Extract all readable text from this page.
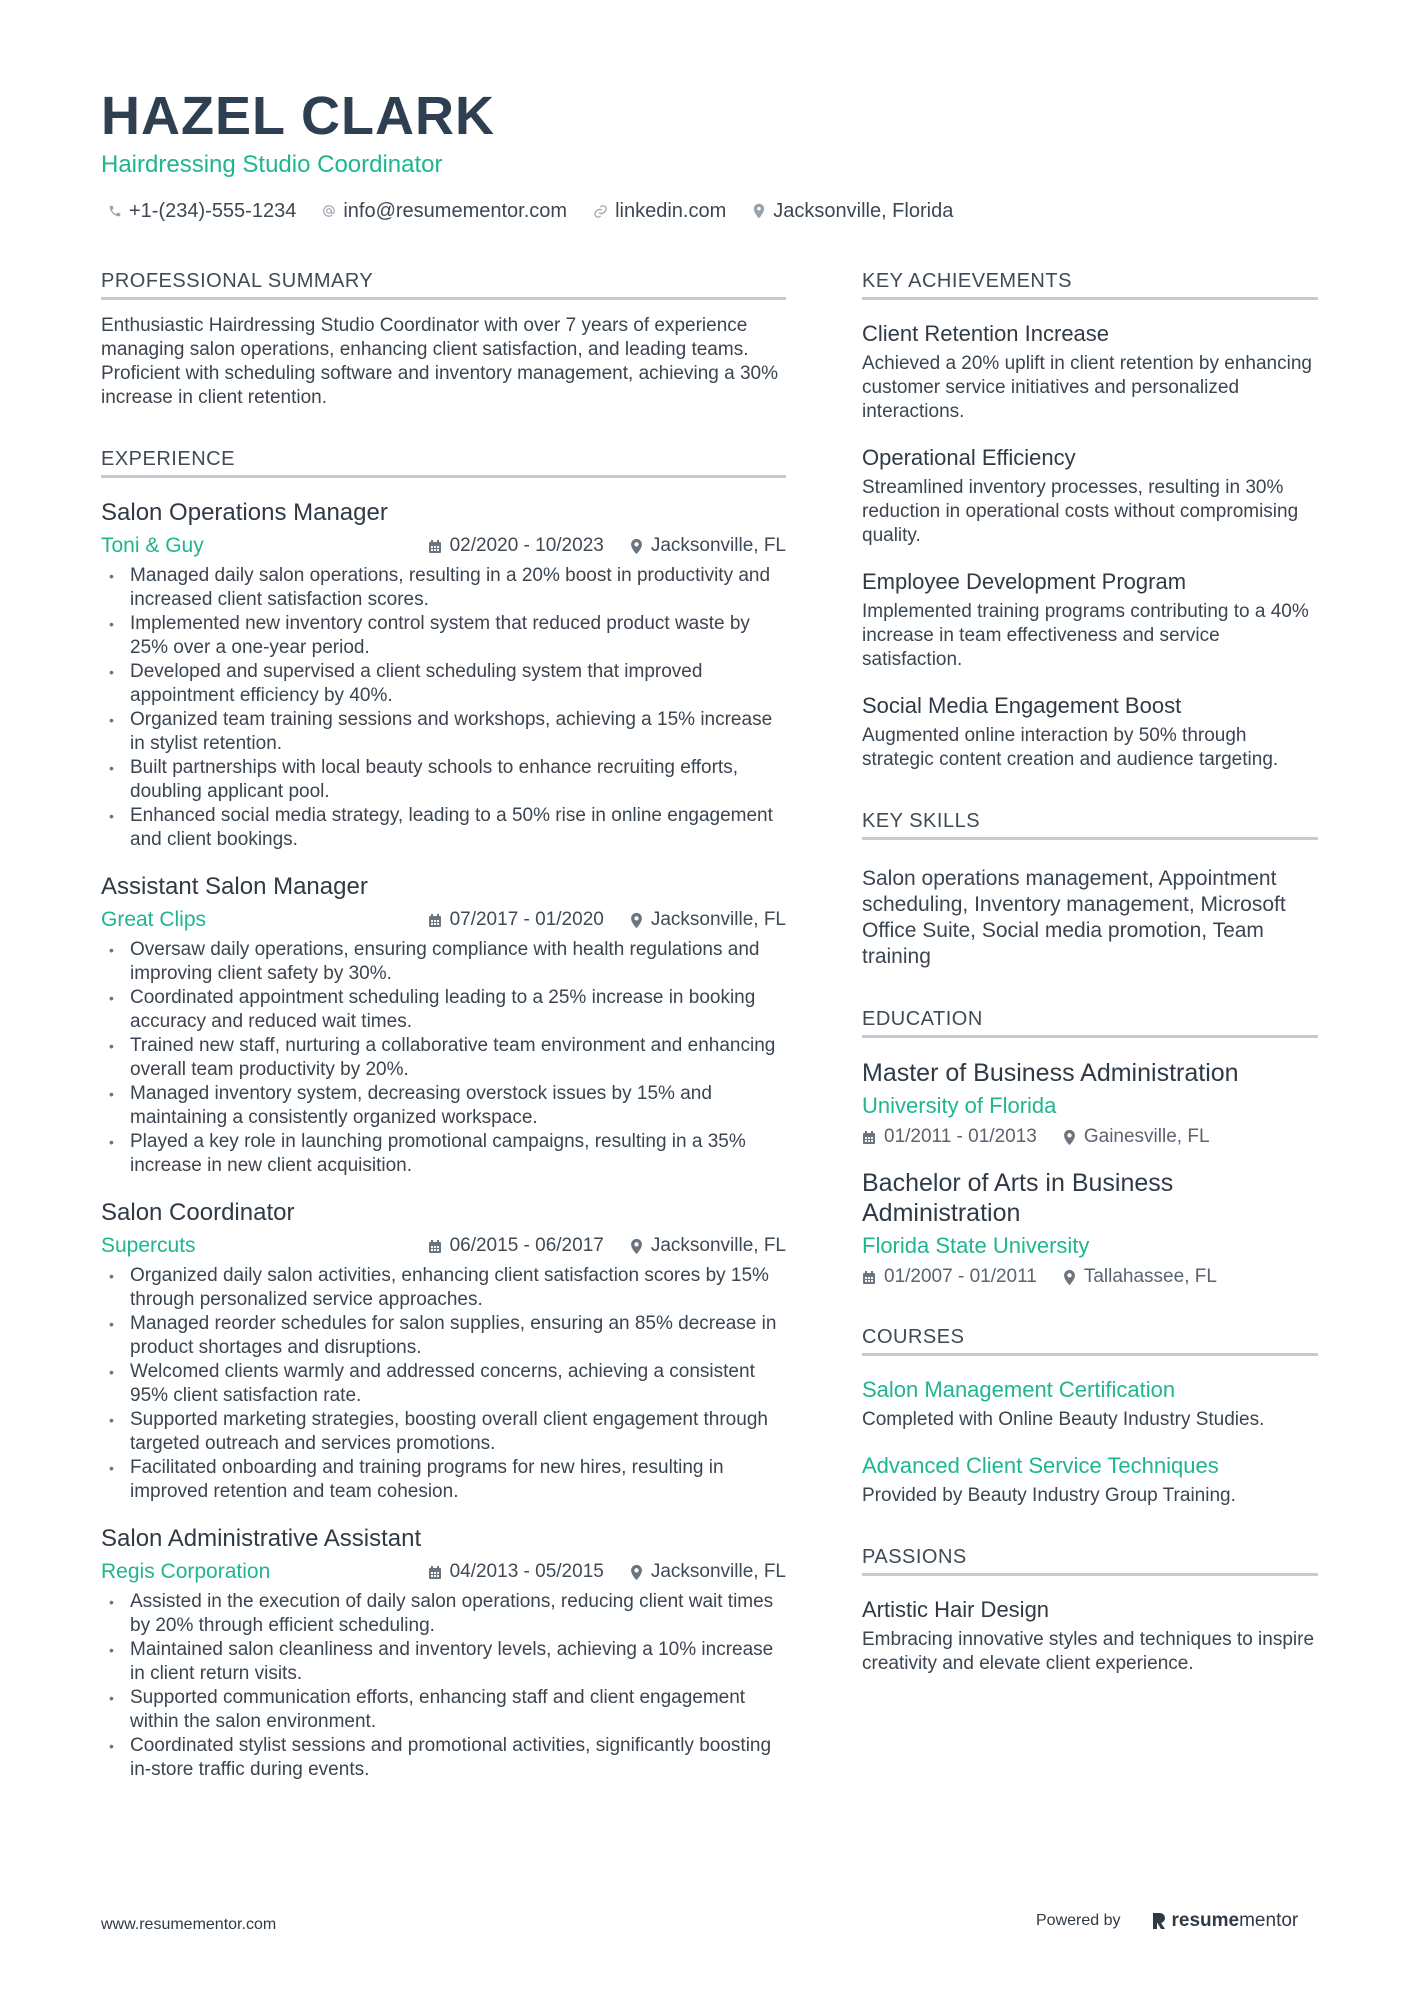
HAZEL CLARK
Hairdressing Studio Coordinator
+1-(234)-555-1234 info@resumementor.com linkedin.com Jacksonville, Florida
PROFESSIONAL SUMMARY
Enthusiastic Hairdressing Studio Coordinator with over 7 years of experience managing salon operations, enhancing client satisfaction, and leading teams. Proficient with scheduling software and inventory management, achieving a 30% increase in client retention.
EXPERIENCE
Salon Operations Manager
Toni & Guy	02/2020 - 10/2023 Jacksonville, FL
• Managed daily salon operations, resulting in a 20% boost in productivity and increased client satisfaction scores.
• Implemented new inventory control system that reduced product waste by 25% over a one-year period.
• Developed and supervised a client scheduling system that improved appointment efficiency by 40%.
• Organized team training sessions and workshops, achieving a 15% increase in stylist retention.
• Built partnerships with local beauty schools to enhance recruiting efforts, doubling applicant pool.
• Enhanced social media strategy, leading to a 50% rise in online engagement and client bookings.
Assistant Salon Manager
Great Clips	07/2017 - 01/2020 Jacksonville, FL
• Oversaw daily operations, ensuring compliance with health regulations and improving client safety by 30%.
• Coordinated appointment scheduling leading to a 25% increase in booking accuracy and reduced wait times.
• Trained new staff, nurturing a collaborative team environment and enhancing overall team productivity by 20%.
• Managed inventory system, decreasing overstock issues by 15% and maintaining a consistently organized workspace.
• Played a key role in launching promotional campaigns, resulting in a 35% increase in new client acquisition.
Salon Coordinator
Supercuts	06/2015 - 06/2017 Jacksonville, FL
• Organized daily salon activities, enhancing client satisfaction scores by 15% through personalized service approaches.
• Managed reorder schedules for salon supplies, ensuring an 85% decrease in product shortages and disruptions.
• Welcomed clients warmly and addressed concerns, achieving a consistent 95% client satisfaction rate.
• Supported marketing strategies, boosting overall client engagement through targeted outreach and services promotions.
• Facilitated onboarding and training programs for new hires, resulting in improved retention and team cohesion.
Salon Administrative Assistant
Regis Corporation	04/2013 - 05/2015 Jacksonville, FL
• Assisted in the execution of daily salon operations, reducing client wait times by 20% through efficient scheduling.
• Maintained salon cleanliness and inventory levels, achieving a 10% increase in client return visits.
• Supported communication efforts, enhancing staff and client engagement within the salon environment.
• Coordinated stylist sessions and promotional activities, significantly boosting in-store traffic during events.
KEY ACHIEVEMENTS
Client Retention Increase
Achieved a 20% uplift in client retention by enhancing customer service initiatives and personalized interactions.
Operational Efficiency
Streamlined inventory processes, resulting in 30% reduction in operational costs without compromising quality.
Employee Development Program
Implemented training programs contributing to a 40% increase in team effectiveness and service satisfaction.
Social Media Engagement Boost
Augmented online interaction by 50% through strategic content creation and audience targeting.
KEY SKILLS
Salon operations management, Appointment scheduling, Inventory management, Microsoft Office Suite, Social media promotion, Team training
EDUCATION
Master of Business Administration
University of Florida
01/2011 - 01/2013 Gainesville, FL
Bachelor of Arts in Business Administration
Florida State University
01/2007 - 01/2011 Tallahassee, FL
COURSES
Salon Management Certification
Completed with Online Beauty Industry Studies.
Advanced Client Service Techniques
Provided by Beauty Industry Group Training.
PASSIONS
Artistic Hair Design
Embracing innovative styles and techniques to inspire creativity and elevate client experience.
www.resumementor.com	Powered by	resume mentor
